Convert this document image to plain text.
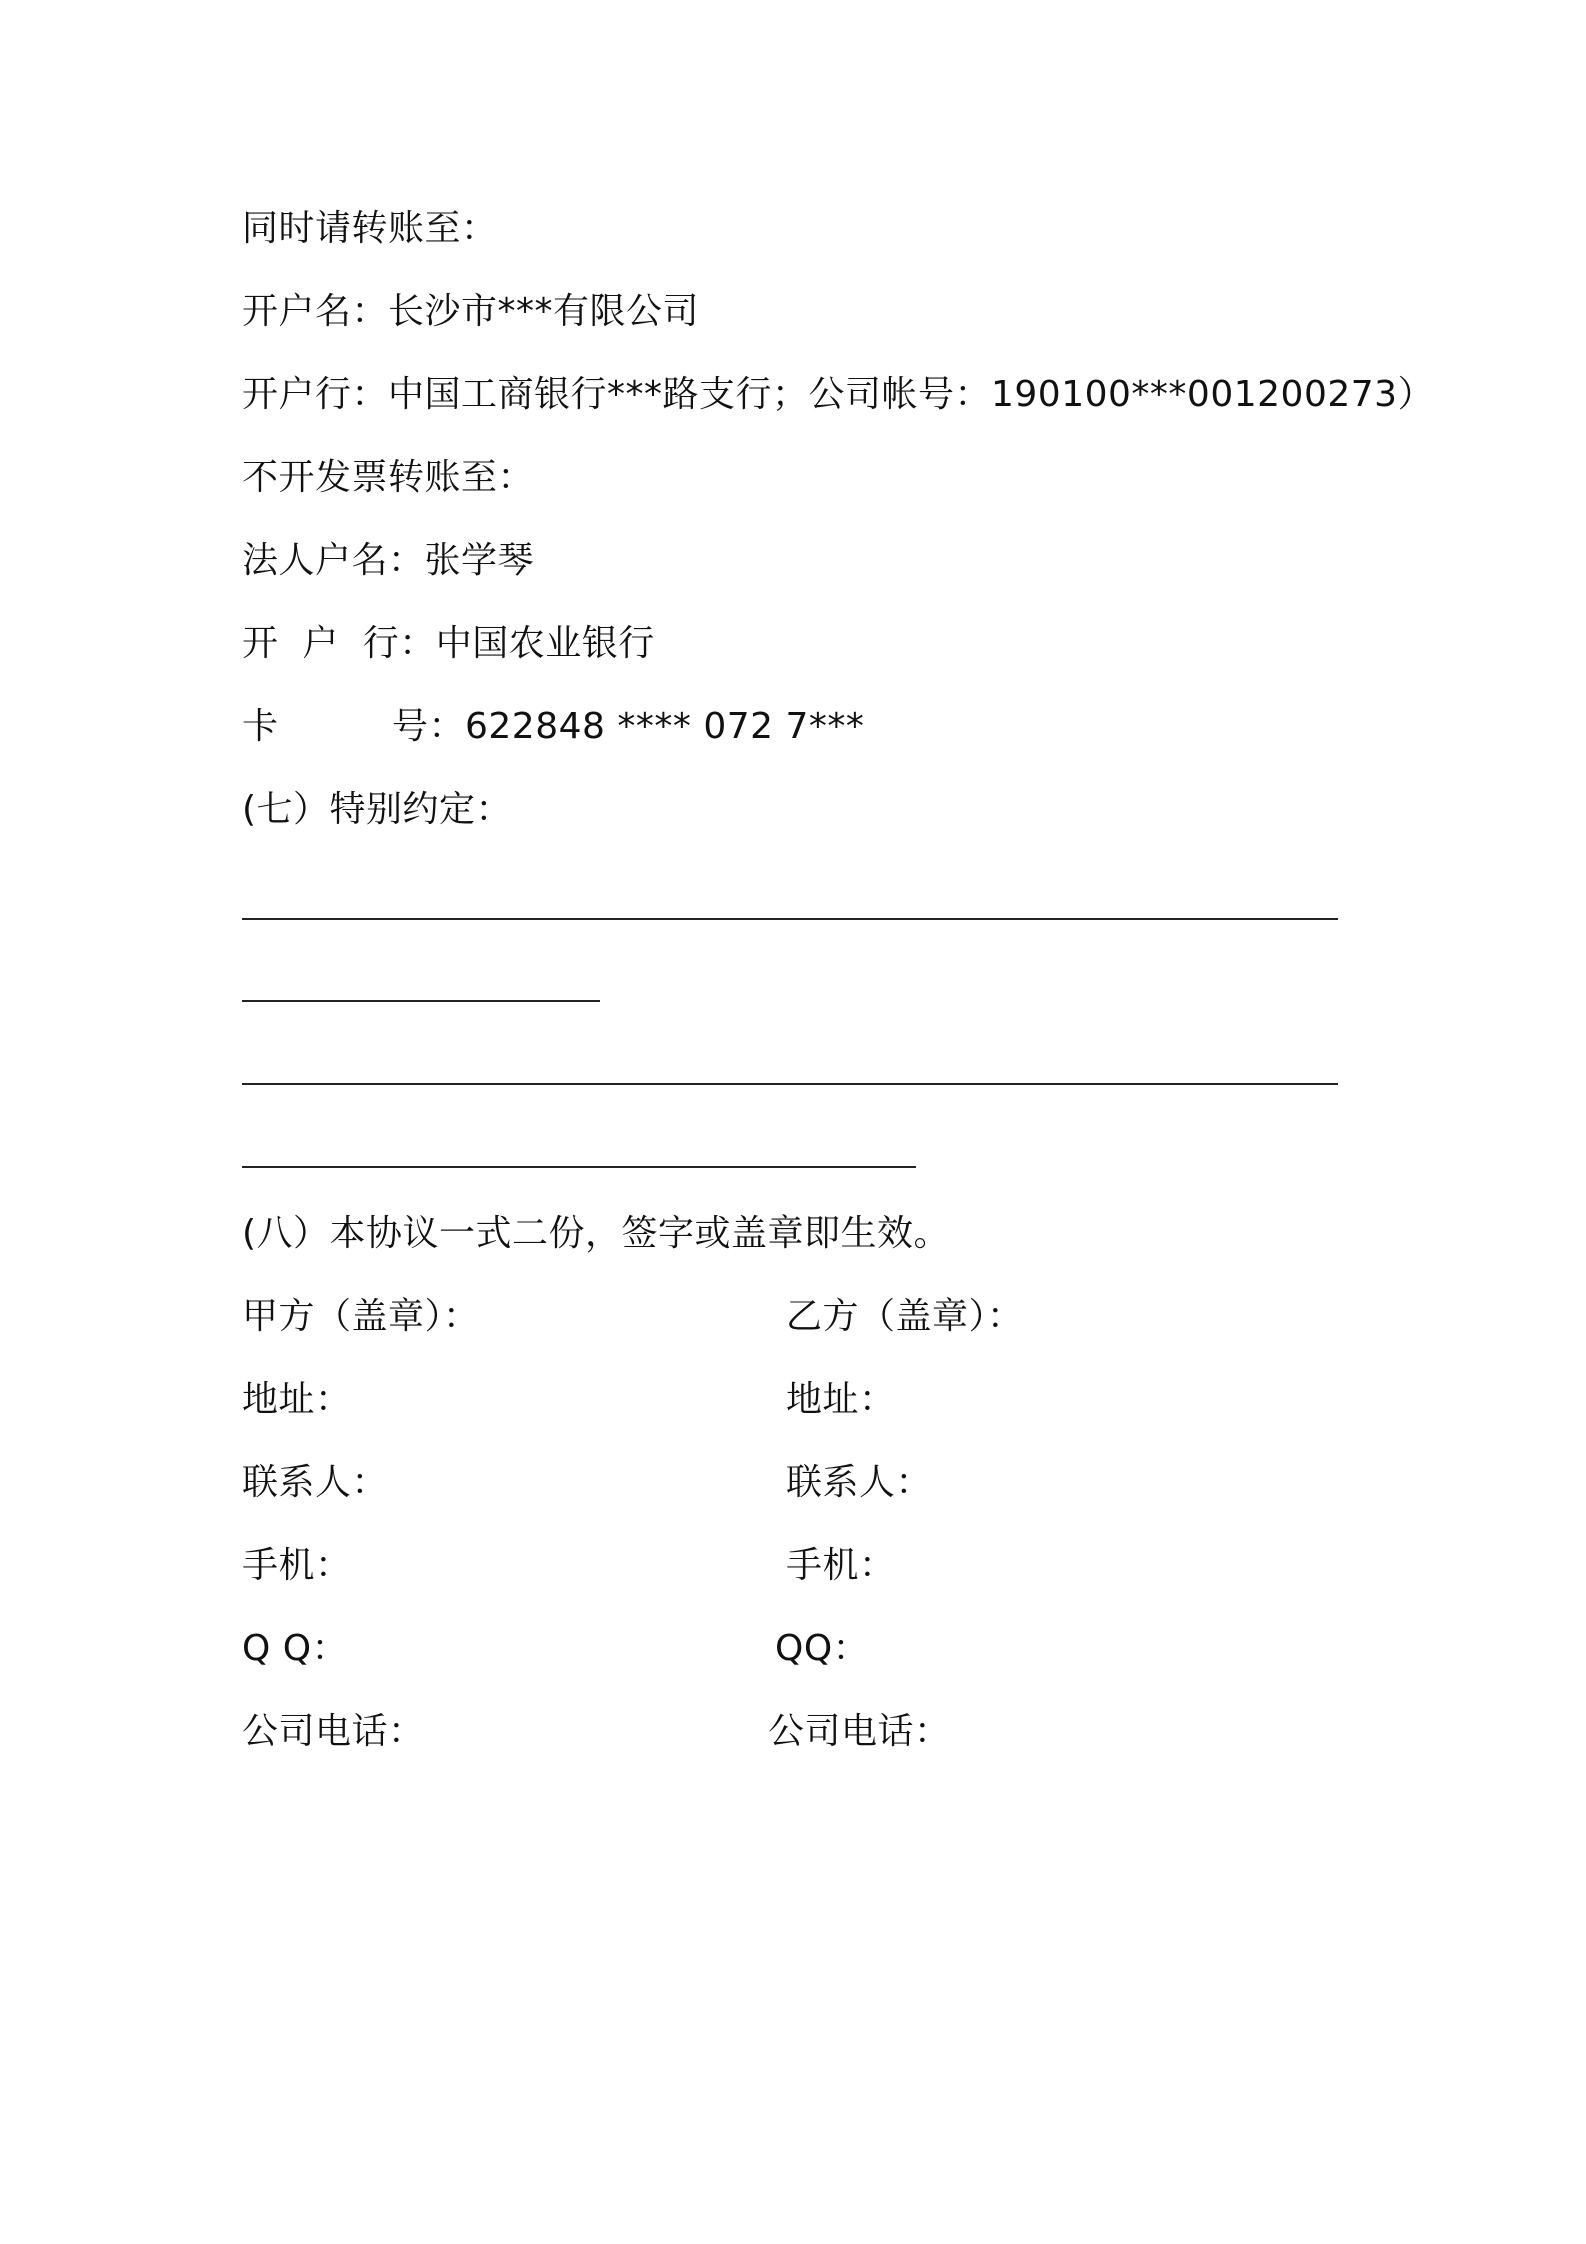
同时请转账至：
开户名：长沙市***有限公司
开户行：中国工商银行***路支行；公司帐号：190100***001200273）
不开发票转账至：
法人户名：张学琴
开  户  行：中国农业银行
卡	号：622848 **** 072 7***
(七）特别约定：
(八）本协议一式二份，签字或盖章即生效。
甲方（盖章）：	乙方（盖章）：
地址：	地址：
联系人：	联系人：
手机：	手机：
Q Q：	QQ：
公司电话：	公司电话：
